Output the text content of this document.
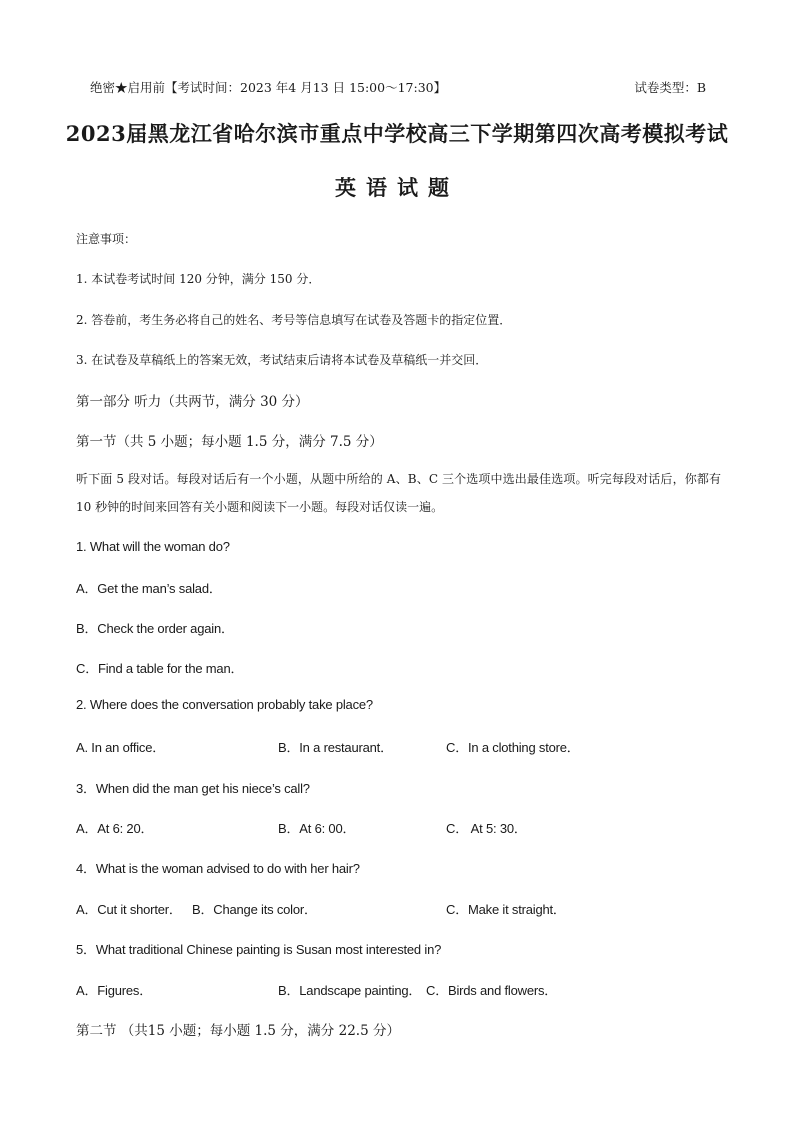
绝密★启用前【考试时间：2023 年4 月13 日 15:00～17:30】	试卷类型：B
2023届黑龙江省哈尔滨市重点中学校高三下学期第四次高考模拟考试
英语试题
注意事项：
1. 本试卷考试时间 120 分钟，满分 150 分．
2. 答卷前，考生务必将自己的姓名、考号等信息填写在试卷及答题卡的指定位置．
3. 在试卷及草稿纸上的答案无效，考试结束后请将本试卷及草稿纸一并交回．
第一部分 听力（共两节，满分 30 分）
第一节（共 5 小题；每小题 1.5 分，满分 7.5 分）
听下面 5 段对话。每段对话后有一个小题，从题中所给的 A、B、C 三个选项中选出最佳选项。听完每段对话后，你都有 10 秒钟的时间来回答有关小题和阅读下一小题。每段对话仅读一遍。
1. What will the woman do?
A．Get the man’s salad．
B．Check the order again．
C．Find a table for the man．
2. Where does the conversation probably take place?
A. In an office．	B．In a restaurant．	C．In a clothing store．
3．When did the man get his niece’s call?
A．At 6: 20．	B．At 6: 00．	C． At 5: 30．
4．What is the woman advised to do with her hair?
A．Cut it shorter． B．Change its color．	C．Make it straight．
5．What traditional Chinese painting is Susan most interested in?
A．Figures．	B．Landscape painting． C．Birds and flowers．
第二节 （共15 小题；每小题 1.5 分，满分 22.5 分）
